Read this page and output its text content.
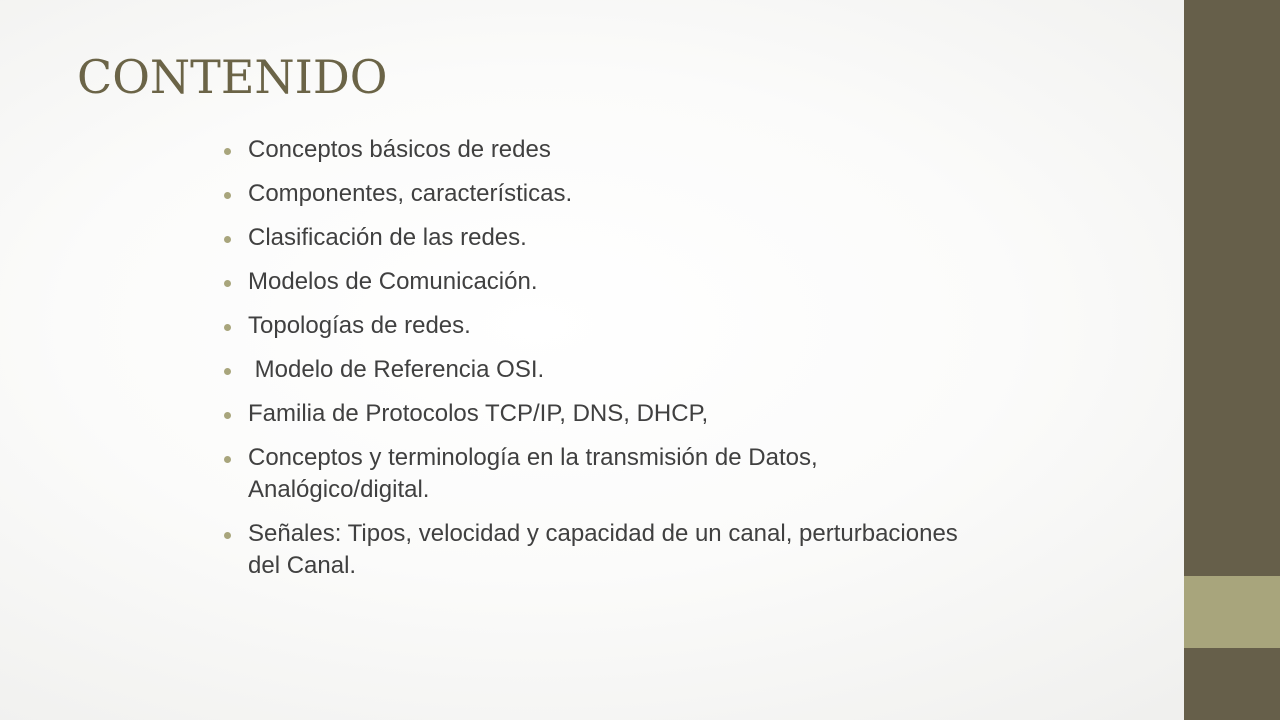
CONTENIDO
Conceptos básicos de redes
Componentes, características.
Clasificación de las redes.
Modelos de Comunicación.
Topologías de redes.
Modelo de Referencia OSI.
Familia de Protocolos TCP/IP, DNS, DHCP,
Conceptos y terminología en la transmisión de Datos, Analógico/digital.
Señales: Tipos, velocidad y capacidad de un canal, perturbaciones del Canal.
